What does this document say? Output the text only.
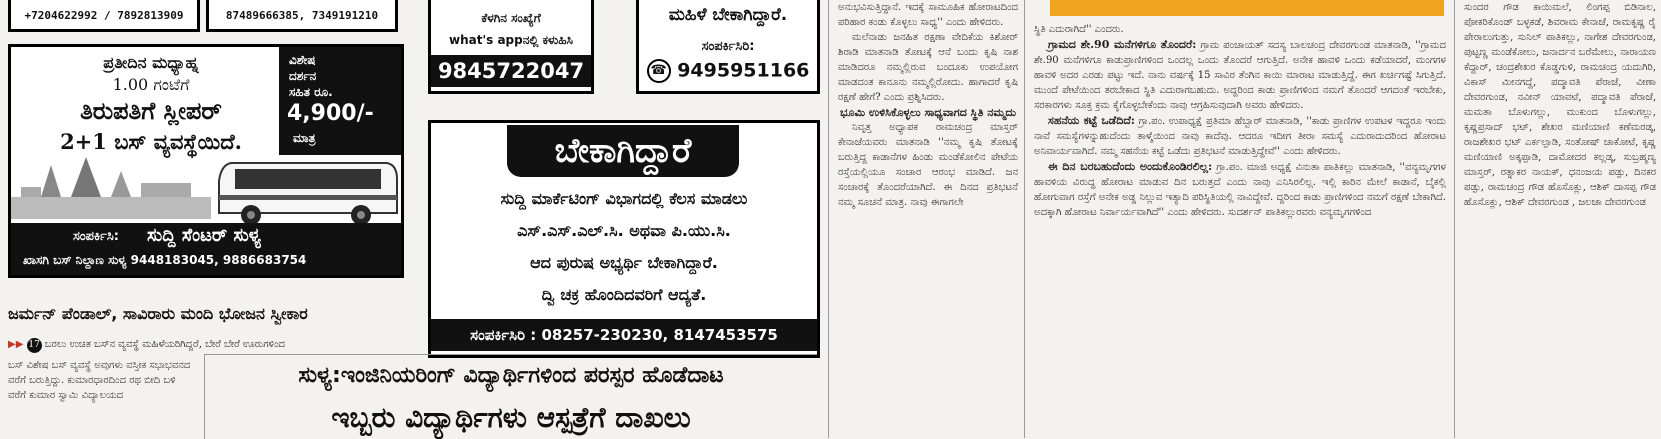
+7204622992 / 7892813909	87489666385, 7349191210
ಪ್ರತೀದಿನ ಮಧ್ಯಾಹ್ನ
1.00 ಗಂಟೆಗೆ
ತಿರುಪತಿಗೆ ಸ್ಲೀಪರ್
2+1 ಬಸ್ ವ್ಯವಸ್ಥೆಯಿದೆ.
ವಿಶೇಷ
ದರ್ಶನ
ಸಹಿತ ರೂ.
4,900/-
ಮಾತ್ರ
ಸಂಪರ್ಕಿಸಿ: ಸುದ್ದಿ ಸೆಂಟರ್ ಸುಳ್ಯ
ಖಾಸಗಿ ಬಸ್ ನಿಲ್ದಾಣ ಸುಳ್ಯ 9448183045, 9886683754
ಕೆಳಗಿನ ಸಂಖ್ಯೆಗೆ
what's appನಲ್ಲಿ ಕಳುಹಿಸಿ
9845722047
ಮಹಿಳೆ ಬೇಕಾಗಿದ್ದಾರೆ.
ಸಂಪರ್ಕಿಸಿರಿ:
☎ 9495951166
ಬೇಕಾಗಿದ್ದಾರೆ
ಸುದ್ದಿ ಮಾರ್ಕೆಟಿಂಗ್ ವಿಭಾಗದಲ್ಲಿ ಕೆಲಸ ಮಾಡಲು
ಎಸ್.ಎಸ್.ಎಲ್.ಸಿ. ಅಥವಾ ಪಿ.ಯು.ಸಿ.
ಆದ ಪುರುಷ ಅಭ್ಯರ್ಥಿ ಬೇಕಾಗಿದ್ದಾರೆ.
ದ್ವಿ ಚಕ್ರ ಹೊಂದಿದವರಿಗೆ ಆದ್ಯತೆ.
ಸಂಪರ್ಕಿಸಿರಿ : 08257-230230, 8147453575
ಜರ್ಮನ್ ಪೆಂಡಾಲ್, ಸಾವಿರಾರು ಮಂದಿ ಭೋಜನ ಸ್ವೀಕಾರ
▶▶ 17 ಬರಲು ಉಚಿತ ಬಸ್‌ನ ವ್ಯವಸ್ಥೆ ಮಹಿಳೆಯರಿಗಿದ್ದರೆ, ಬೇರೆ ಬೇರೆ ಊರುಗಳಿಂದ

ಬಸ್ ವಿಶೇಷ ಬಸ್ ವ್ಯವಸ್ಥೆ ಅವುಗಳು ವಸ್ತೀಕ ಸಭಾಭವನದ ವರೆಗೆ ಬರುತ್ತಿದ್ದು. ಕುಮಾರಧಾರದಿಂದ ರಥ ಬೀದಿ ಬಳಿ ವರೆಗೆ ಕುಮಾರ ಸ್ವಾಮಿ ವಿದ್ಯಾಲಯದ

ಸುಳ್ಯ:ಇಂಜಿನಿಯರಿಂಗ್ ವಿದ್ಯಾರ್ಥಿಗಳಿಂದ ಪರಸ್ಪರ ಹೊಡೆದಾಟ
ಇಬ್ಬರು ವಿದ್ಯಾರ್ಥಿಗಳು ಆಸ್ಪತ್ರೆಗೆ ದಾಖಲು

ಅನುಭವಿಸುತ್ತಿದ್ದಾನೆ. ಇದಕ್ಕೆ ಸಾಮೂಹಿಕ ಹೋರಾಟದಿಂದ ಪರಿಹಾರ ಕಂಡು ಕೊಳ್ಳಲು ಸಾಧ್ಯ'' ಎಂದು ಹೇಳಿದರು.

ಮಲೆನಾಡು ಜನಹಿತ ರಕ್ಷಣಾ ವೇದಿಕೆಯ ಕಿಶೋರ್ ಶಿರಾಡಿ ಮಾತನಾಡಿ ತೋಟಕ್ಕೆ ಆನೆ ಬಂದು ಕೃಷಿ ನಾಶ ಮಾಡಿದರೂ ನಮ್ಮಲ್ಲಿರುವ ಬಂದೂಕು ಉಪಯೋಗ ಮಾಡದಂತ ಕಾನೂನು ನಮ್ಮಲ್ಲಿರೋದು. ಹಾಗಾದರೆ ಕೃಷಿ ರಕ್ಷಣೆ ಹೇಗೆ? ಎಂದು ಪ್ರಶ್ನಿಸಿದರು.

ಭೂಮಿ ಉಳಿಸಿಕೊಳ್ಳಲು ಸಾಧ್ಯವಾಗದ ಸ್ಥಿತಿ ನಮ್ಮದು

ನಿವೃತ್ತ ಅಧ್ಯಾಪಕ ರಾಮಚಂದ್ರ ಮಾಸ್ತರ್ ಕೇನಾಜೆಯವರು ಮಾತನಾಡಿ ''ನಮ್ಮ ಕೃಷಿ ತೋಟಕ್ಕೆ ಬರುತ್ತಿದ್ದ ಕಾಡಾನೆಗಳ ಹಿಂಡು ಮಂಡೆಕೋಲಿನ ಪೇಟೆಯ ರಸ್ತೆಯಲ್ಲಿಯೂ ಸಂಚಾರ ಆರಂಭ ಮಾಡಿದೆ. ಜನ ಸಂಚಾರಕ್ಕೆ ತೊಂದರೆಯಾಗಿದೆ. ಈ ದಿನದ ಪ್ರತಿಭಟನೆ ನಮ್ಮ ಸೂಚನೆ ಮಾತ್ರ. ನಾವು ಈಗಾಗಲೇ

ಸ್ಥಿತಿ ಎದುರಾಗಿದೆ'' ಎಂದರು.

ಗ್ರಾಮದ ಶೇ.90 ಮನೆಗಳಿಗೂ ತೊಂದರೆ: ಗ್ರಾಮ ಪಂಚಾಯತ್ ಸದಸ್ಯ ಬಾಲಚಂದ್ರ ದೇವರಗುಂಡ ಮಾತನಾಡಿ, ''ಗ್ರಾಮದ ಶೇ.90 ಮನೆಗಳಿಗೂ ಕಾಡುಪ್ರಾಣಿಗಳಿಂದ ಒಂದಲ್ಲ ಒಂದು ತೊಂದರೆ ಆಗುತ್ತಿದೆ. ಅನೇಕ ಹಾವಳಿ ಒಂದು ಕಡೆಯಾದರೆ, ಮಂಗಗಳ ಹಾವಳಿ ಅದರ ಎರಡು ಪಟ್ಟು ಇದೆ. ನಾನು ವರ್ಷಕ್ಕೆ 15 ಸಾವಿರ ತೆಂಗಿನ ಕಾಯಿ ಮಾರಾಟ ಮಾಡುತ್ತಿದ್ದೆ. ಈಗ ಖರ್ಚಿಗಷ್ಟೆ ಸಿಗುತ್ತಿದೆ. ಮುಂದೆ ಪೇಟೆಯಿಂದ ತರಬೇಕಾದ ಸ್ಥಿತಿ ಎದುರಾಗಬಹುದು. ಅದ್ದರಿಂದ ಕಾಡು ಪ್ರಾಣಿಗಳಿಂದ ನಮಗೆ ತೊಂದರೆ ಆಗದಂತೆ ಇರಬೇಕು, ಸರಕಾರಗಳು ಸೂಕ್ತ ಕ್ರಮ ಕೈಗೊಳ್ಳಬೇಕೆಂದು ನಾವು ಆಗ್ರಹಿಸುವುದಾಗಿ ಅವರು ಹೇಳಿದರು.

ಸಹನೆಯ ಕಟ್ಟೆ ಒಡೆದಿದೆ: ಗ್ರಾ.ಪಂ. ಉಪಾಧ್ಯಕ್ಷೆ ಪ್ರತಿಮಾ ಹೆಬ್ಬಾರ್ ಮಾತನಾಡಿ, ''ಕಾಡು ಪ್ರಾಣಿಗಳ ಉಪಟಳ ಇದ್ದರೂ ಇಂದು ನಾವೆ ಸಮಸ್ಯೆಗಳನ್ನುಹುದೆಂದು ತಾಳ್ಮೆಯಿಂದ ನಾವು ಕಾದೆವು. ಆದರೂ ಇದೀಗ ತೀರಾ ಸಮಸ್ಯೆ ಎದುರಾದುದರಿಂದ ಹೋರಾಟ ಅನಿವಾರ್ಯವಾಗಿದೆ. ನಮ್ಮ ಸಹನೆಯ ಕಟ್ಟೆ ಒಡೆದು ಪ್ರತಿಭಟನೆ ಮಾಡುತ್ತಿದ್ದೇವೆ'' ಎಂದು ಹೇಳಿದರು.

ಈ ದಿನ ಬರಬಹುದೆಂದು ಅಂದುಕೊಂಡಿರಲಿಲ್ಲ: ಗ್ರಾ.ಪಂ. ಮಾಜಿ ಅಧ್ಯಕ್ಷೆ ವಿನುತಾ ಪಾತಿಕಲ್ಲು ಮಾತನಾಡಿ, ''ವನ್ಯಮೃಗಗಳ ಹಾವಳಿಯ ವಿರುದ್ಧ ಹೋರಾಟ ಮಾಡುವ ದಿನ ಬರುತ್ತದೆ ಎಂದು ನಾವು ಎನಿಸಿರಲಿಲ್ಲ. ಇಲ್ಲಿ ಕಾರಿನ ಮೇಲೆ ಕಾಡಾನೆ, ಬೈಕಲ್ಲಿ ಹೋಗುವಾಗ ರಸ್ತೆಗೆ ಅನೇಕ ಅಡ್ಡ ನಿಲ್ಲುವ ಇತ್ಯಾದಿ ಪರಿಸ್ಥಿತಿಯಲ್ಲಿ ನಾವಿದ್ದೇವೆ. ದ್ದರಿಂದ ಕಾಡು ಪ್ರಾಣಿಗಳಿಂದ ನಮಗೆ ರಕ್ಷಣೆ ಬೇಕಾಗಿದೆ. ಅದಕ್ಕಾಗಿ ಹೋರಾಟ ನಿರ್ವಾರ್ಯವಾಗಿದೆ'' ಎಂದು ಹೇಳಿದರು. ಸುದರ್ಶನ್ ಪಾತಿಕಲ್ಲುರವರು ವನ್ಯಮೃಗಗಳಿಂದ

ಸುಂದರ ಗೌಡ ಕಾಯಿಮಲೆ, ಲಿಂಗಪ್ಪ ಬಿಡಿನಾಲ, ಪೋಕರಿಕೊಂಡ್ ಬಳ್ಳಕಡೆ, ಶಿವರಾಮ ಕೇನಾಜೆ, ರಾಮಕೃಷ್ಣ ರೈ ಪೇರಾಲುಗುತ್ತು, ಸುನಿಲ್ ಪಾತಿಕಲ್ಲು, ನಾಗೇಶ ದೇವರಗುಂಡ, ಪುಟ್ಟಣ್ಣ ಮಂಡೆಕೋಲು, ಜನಾರ್ದನ ಬರೆಮೇಲು, ನಾರಾಯಣ ಕೆದ್ದಾರ್, ಚಂದ್ರಶೇಖರ ಕೊಡ್ಡಗುಳಿ, ರಾಮಚಂದ್ರ ಯದುಗಿರಿ, ವಿಕಾಸ್ ಮೀನಗದ್ದೆ, ಪದ್ಮಾವತಿ ಪೆರಾಜೆ, ವೀಣಾ ದೇವರಗುಂಡ, ನವೀನ್ ಯಾವಟೆ, ಪದ್ಮಾವತಿ ಪೆರಾಜೆ, ಮಮತಾ ಬೊಳುಗಲ್ಲು, ಮುಕುಂದ ಬೊಳುಗಲ್ಲು, ಕೃಷ್ಣಪ್ರಸಾದ್ ಭಟ್, ಶೇಖರ ಮಣಿಯಾಣಿ ಕಣೆಮರಡ್ಕ, ರಾಜಶೇಖರ ಭಟ್ ಎರ್ಕಲ್ಪಾಡಿ, ಸಂತೋಷ್ ಚಾಕೋಟೆ, ಕೃಷ್ಣ ಮಣಿಯಾಣಿ ಅಕ್ಕಪ್ಪಾಡಿ, ದಾಮೋದರ ಕಲ್ಲಡ್ಕ, ಸುಬ್ರಹ್ಮಣ್ಯ ಮಾಸ್ತರ್, ರತ್ನಾಕರ ನಾಯಕ್, ಧನಂಜಯ ಪಡ್ಪು, ದಿನಕರ ಪಡ್ಪು, ರಾಮಚಂದ್ರ ಗೌಡ ಹೊಸೊಕ್ಲು, ಆಶಿಕ್ ದಾಸಪ್ಪ ಗೌಡ ಹೊಸೊಕ್ಲು, ಆಶಿಕ್ ದೇವರಗುಂಡ , ಜಲಜಾ ದೇವರಗುಂಡ
